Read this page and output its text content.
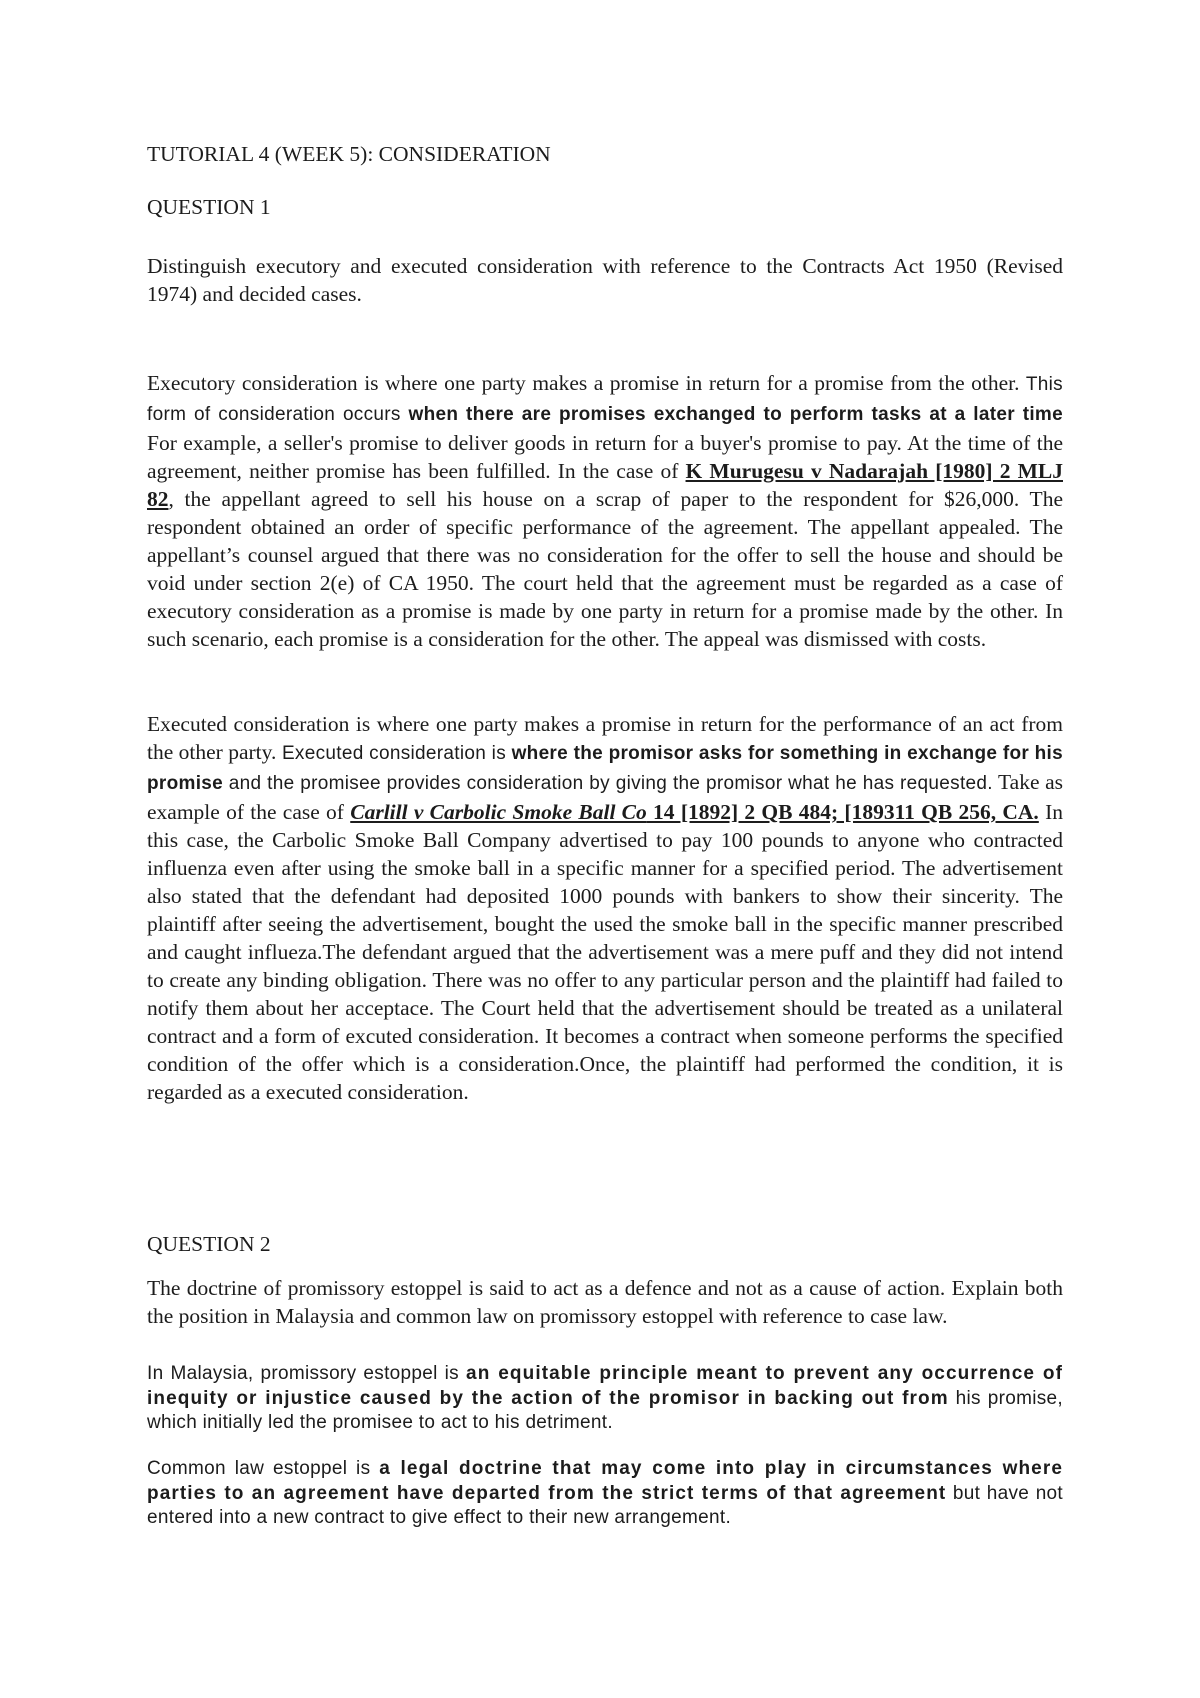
TUTORIAL 4 (WEEK 5): CONSIDERATION
QUESTION 1

Distinguish executory and executed consideration with reference to the Contracts Act 1950 (Revised 1974) and decided cases.

Executory consideration is where one party makes a promise in return for a promise from the other. This form of consideration occurs when there are promises exchanged to perform tasks at a later time For example, a seller's promise to deliver goods in return for a buyer's promise to pay. At the time of the agreement, neither promise has been fulfilled. In the case of K Murugesu v Nadarajah [1980] 2 MLJ 82, the appellant agreed to sell his house on a scrap of paper to the respondent for $26,000. The respondent obtained an order of specific performance of the agreement. The appellant appealed. The appellant’s counsel argued that there was no consideration for the offer to sell the house and should be void under section 2(e) of CA 1950. The court held that the agreement must be regarded as a case of executory consideration as a promise is made by one party in return for a promise made by the other. In such scenario, each promise is a consideration for the other. The appeal was dismissed with costs.

Executed consideration is where one party makes a promise in return for the performance of an act from the other party. Executed consideration is where the promisor asks for something in exchange for his promise and the promisee provides consideration by giving the promisor what he has requested. Take as example of the case of Carlill v Carbolic Smoke Ball Co 14 [1892] 2 QB 484; [189311 QB 256, CA. In this case, the Carbolic Smoke Ball Company advertised to pay 100 pounds to anyone who contracted influenza even after using the smoke ball in a specific manner for a specified period. The advertisement also stated that the defendant had deposited 1000 pounds with bankers to show their sincerity. The plaintiff after seeing the advertisement, bought the used the smoke ball in the specific manner prescribed and caught influeza.The defendant argued that the advertisement was a mere puff and they did not intend to create any binding obligation. There was no offer to any particular person and the plaintiff had failed to notify them about her acceptace. The Court held that the advertisement should be treated as a unilateral contract and a form of excuted consideration. It becomes a contract when someone performs the specified condition of the offer which is a consideration.Once, the plaintiff had performed the condition, it is regarded as a executed consideration.

QUESTION 2

The doctrine of promissory estoppel is said to act as a defence and not as a cause of action. Explain both the position in Malaysia and common law on promissory estoppel with reference to case law.

In Malaysia, promissory estoppel is an equitable principle meant to prevent any occurrence of inequity or injustice caused by the action of the promisor in backing out from his promise, which initially led the promisee to act to his detriment.

Common law estoppel is a legal doctrine that may come into play in circumstances where parties to an agreement have departed from the strict terms of that agreement but have not entered into a new contract to give effect to their new arrangement.
